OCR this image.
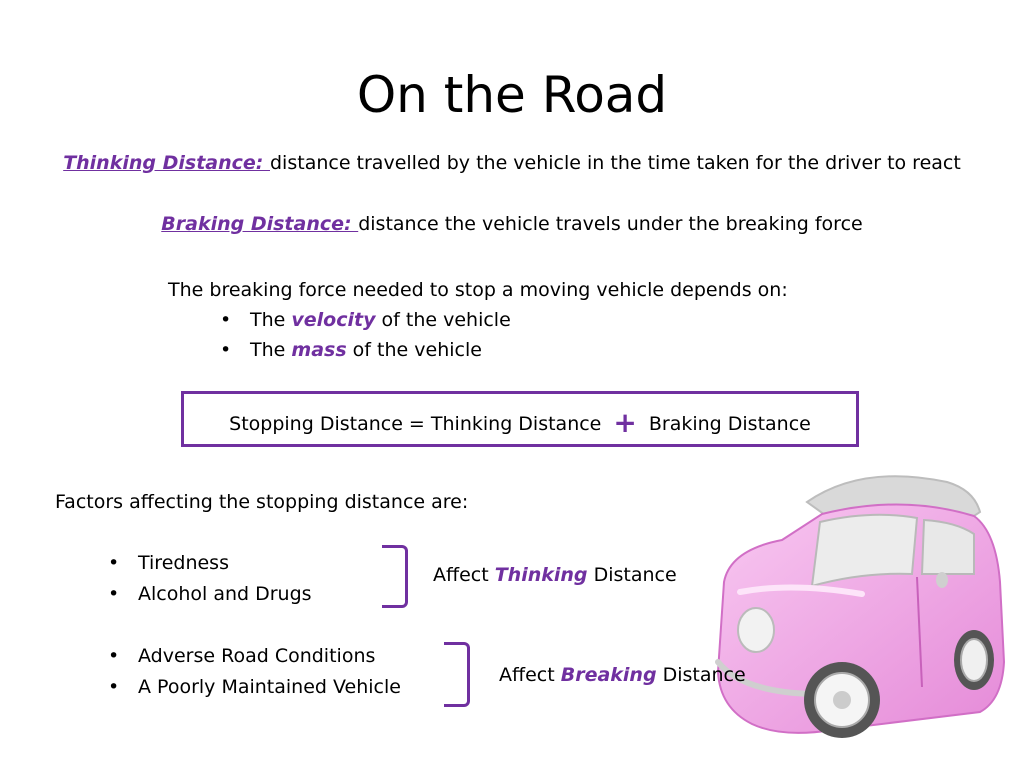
On the Road
Thinking Distance: distance travelled by the vehicle in the time taken for the driver to react
Braking Distance: distance the vehicle travels under the breaking force
The breaking force needed to stop a moving vehicle depends on:
• The velocity of the vehicle
• The mass of the vehicle
Stopping Distance = Thinking Distance + Braking Distance
Factors affecting the stopping distance are:
• Tiredness
• Alcohol and Drugs
Affect Thinking Distance
• Adverse Road Conditions
• A Poorly Maintained Vehicle
Affect Breaking Distance
